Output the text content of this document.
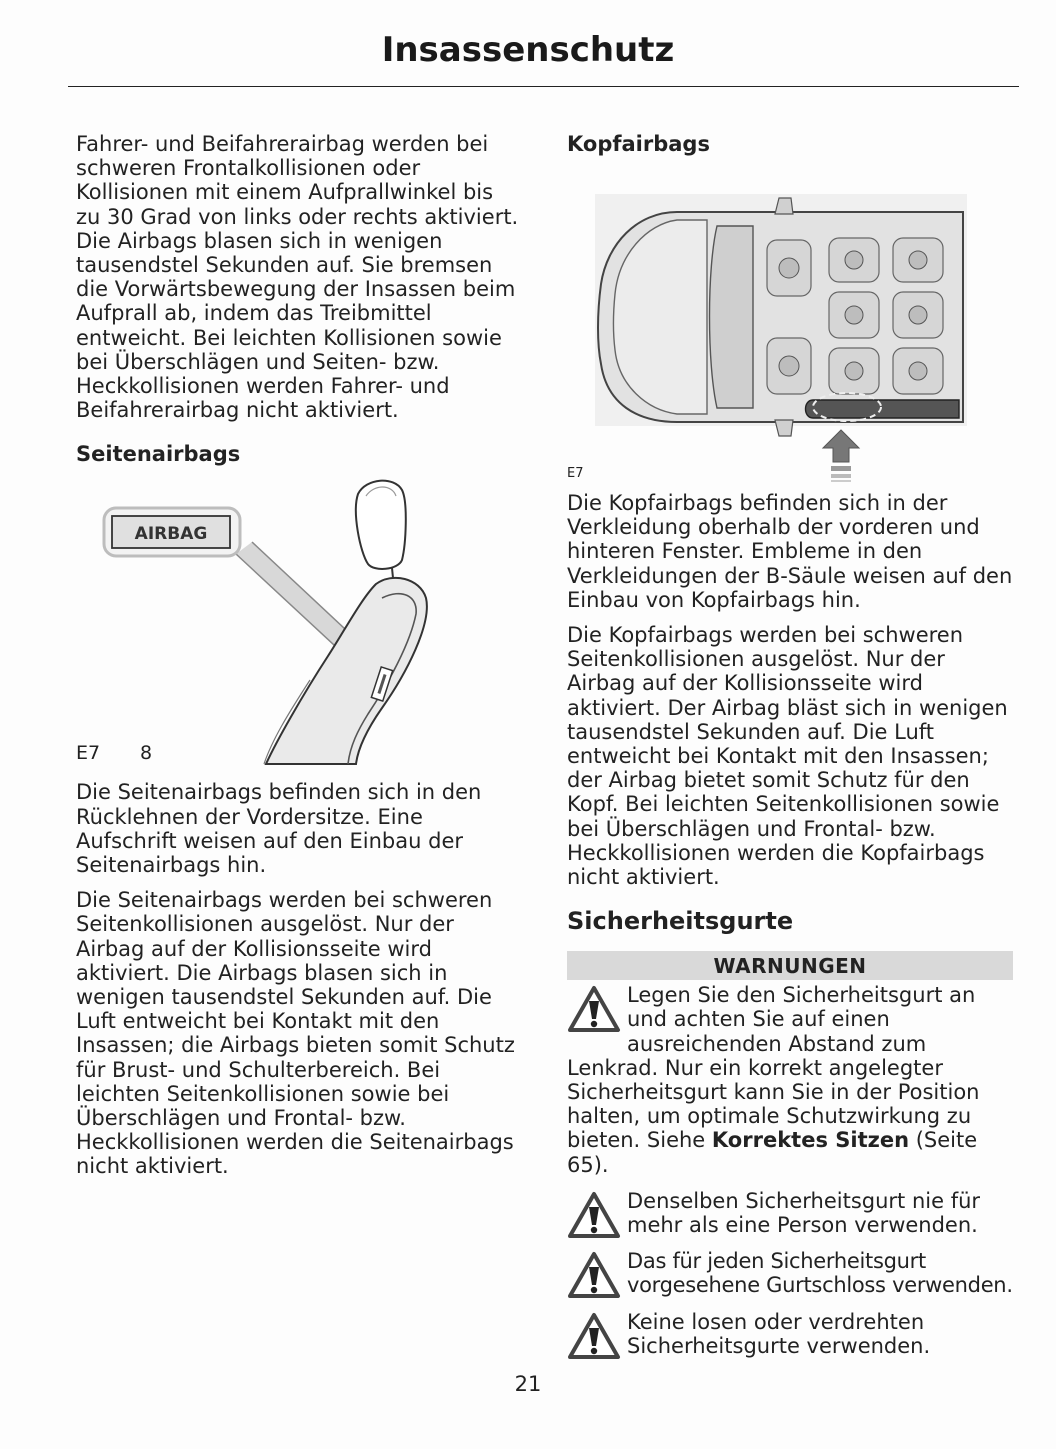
Insassenschutz

Fahrer- und Beifahrerairbag werden bei schweren Frontalkollisionen oder Kollisionen mit einem Aufprallwinkel bis zu 30 Grad von links oder rechts aktiviert. Die Airbags blasen sich in wenigen tausendstel Sekunden auf. Sie bremsen die Vorwärtsbewegung der Insassen beim Aufprall ab, indem das Treibmittel entweicht. Bei leichten Kollisionen sowie bei Überschlägen und Seiten- bzw. Heckkollisionen werden Fahrer- und Beifahrerairbag nicht aktiviert.

Seitenairbags
AIRBAG
E7 8

Die Seitenairbags befinden sich in den Rücklehnen der Vordersitze. Eine Aufschrift weisen auf den Einbau der Seitenairbags hin.

Die Seitenairbags werden bei schweren Seitenkollisionen ausgelöst. Nur der Airbag auf der Kollisionsseite wird aktiviert. Die Airbags blasen sich in wenigen tausendstel Sekunden auf. Die Luft entweicht bei Kontakt mit den Insassen; die Airbags bieten somit Schutz für Brust- und Schulterbereich. Bei leichten Seitenkollisionen sowie bei Überschlägen und Frontal- bzw. Heckkollisionen werden die Seitenairbags nicht aktiviert.

Kopfairbags
E7

Die Kopfairbags befinden sich in der Verkleidung oberhalb der vorderen und hinteren Fenster. Embleme in den Verkleidungen der B-Säule weisen auf den Einbau von Kopfairbags hin.

Die Kopfairbags werden bei schweren Seitenkollisionen ausgelöst. Nur der Airbag auf der Kollisionsseite wird aktiviert. Der Airbag bläst sich in wenigen tausendstel Sekunden auf. Die Luft entweicht bei Kontakt mit den Insassen; der Airbag bietet somit Schutz für den Kopf. Bei leichten Seitenkollisionen sowie bei Überschlägen und Frontal- bzw. Heckkollisionen werden die Kopfairbags nicht aktiviert.

Sicherheitsgurte
WARNUNGEN

Legen Sie den Sicherheitsgurt an und achten Sie auf einen ausreichenden Abstand zum Lenkrad. Nur ein korrekt angelegter Sicherheitsgurt kann Sie in der Position halten, um optimale Schutzwirkung zu bieten. Siehe Korrektes Sitzen (Seite 65).

Denselben Sicherheitsgurt nie für mehr als eine Person verwenden.

Das für jeden Sicherheitsgurt vorgesehene Gurtschloss verwenden.

Keine losen oder verdrehten Sicherheitsgurte verwenden.

21
